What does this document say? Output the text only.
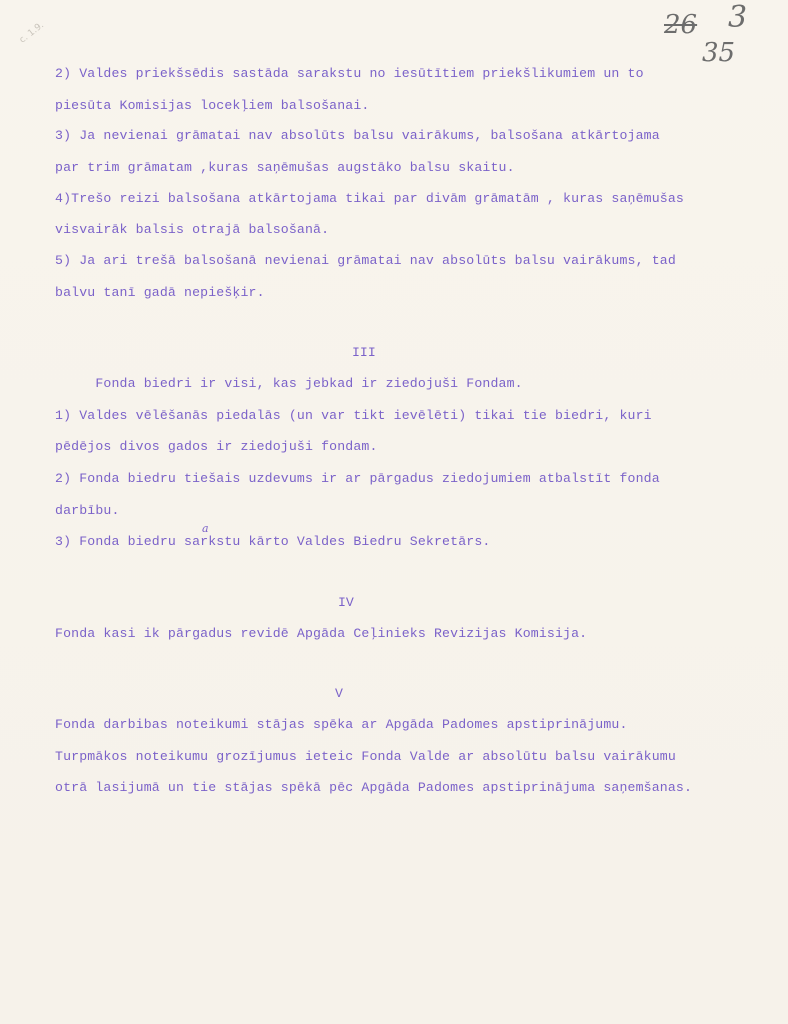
c. 1.9.	26 3
35
2) Valdes priekšsēdis sastāda sarakstu no iesūtītiem priekšlikumiem un to
piesūta Komisijas locekļiem balsošanai.
3) Ja nevienai grāmatai nav absolūts balsu vairākums, balsošana atkārtojama
par trim grāmatam ,kuras saņēmušas augstāko balsu skaitu.
4)Trešo reizi balsošana atkārtojama tikai par divām grāmatām , kuras saņēmušas
visvairāk balsis otrajā balsošanā.
5) Ja ari trešā balsošanā nevienai grāmatai nav absolūts balsu vairākums, tad
balvu tanī gadā nepiešķir.
III
Fonda biedri ir visi, kas jebkad ir ziedojuši Fondam.
1) Valdes vēlēšanās piedalās (un var tikt ievēlēti) tikai tie biedri, kuri
pēdējos divos gados ir ziedojuši fondam.
2) Fonda biedru tiešais uzdevums ir ar pārgadus ziedojumiem atbalstīt fonda
darbību.
3) Fonda biedru sarkstu kārto Valdes Biedru Sekretārs.
a
IV
Fonda kasi ik pārgadus revidē Apgāda Ceļinieks Revizijas Komisija.
V
Fonda darbibas noteikumi stājas spēka ar Apgāda Padomes apstiprinājumu.
Turpmākos noteikumu grozījumus ieteic Fonda Valde ar absolūtu balsu vairākumu
otrā lasijumā un tie stājas spēkā pēc Apgāda Padomes apstiprinājuma saņemšanas.
